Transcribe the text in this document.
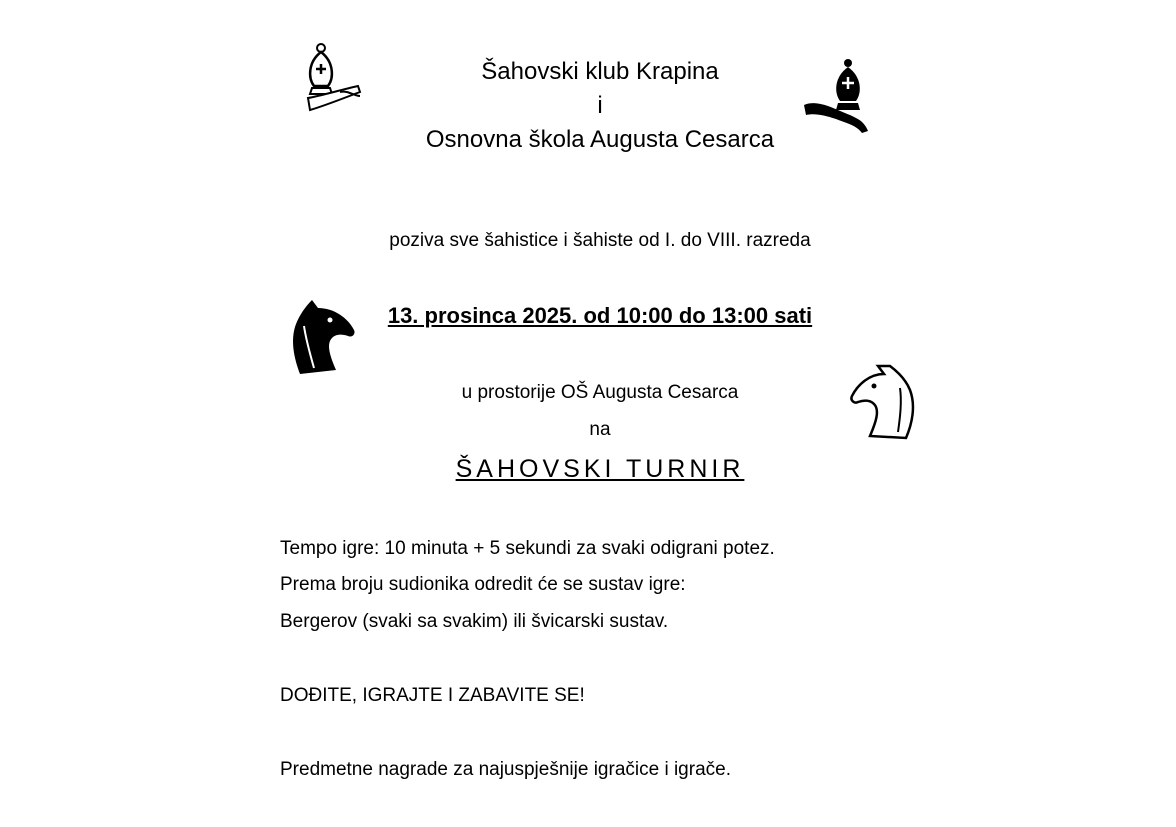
Šahovski klub Krapina
i
Osnovna škola Augusta Cesarca
poziva sve šahistice i šahiste od I. do VIII. razreda
13. prosinca 2025. od 10:00 do 13:00 sati
u prostorije OŠ Augusta Cesarca
na
ŠAHOVSKI TURNIR
Tempo igre: 10 minuta + 5 sekundi za svaki odigrani potez.
Prema broju sudionika odredit će se sustav igre:
Bergerov (svaki sa svakim) ili švicarski sustav.
DOĐITE, IGRAJTE I ZABAVITE SE!
Predmetne nagrade za najuspješnije igračice i igrače.
